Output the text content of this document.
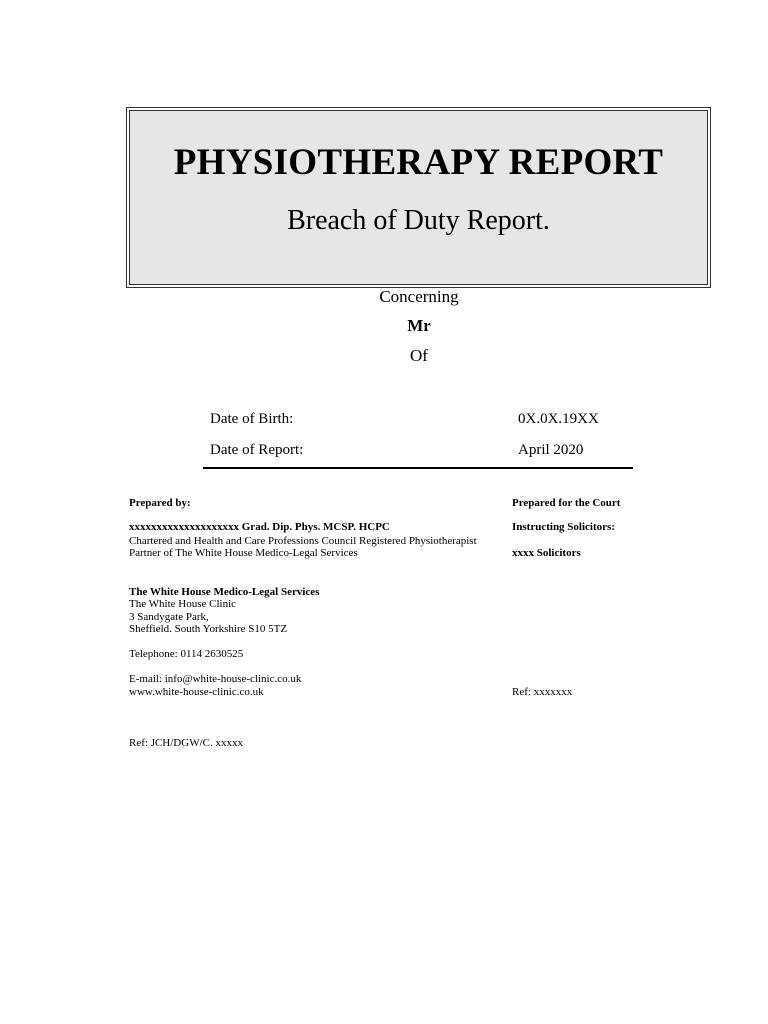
PHYSIOTHERAPY REPORT
Breach of Duty Report.
Concerning
Mr
Of
Date of Birth:	0X.0X.19XX
Date of Report:	April 2020
Prepared by:
xxxxxxxxxxxxxxxxxxxx Grad. Dip. Phys. MCSP. HCPC
Chartered and Health and Care Professions Council Registered Physiotherapist
Partner of The White House Medico-Legal Services
The White House Medico-Legal Services
The White House Clinic
3 Sandygate Park,
Sheffield. South Yorkshire S10 5TZ
Telephone: 0114 2630525
E-mail: info@white-house-clinic.co.uk
www.white-house-clinic.co.uk
Ref: JCH/DGW/C. xxxxx
Prepared for the Court
Instructing Solicitors:
xxxx Solicitors
Ref: xxxxxxx
